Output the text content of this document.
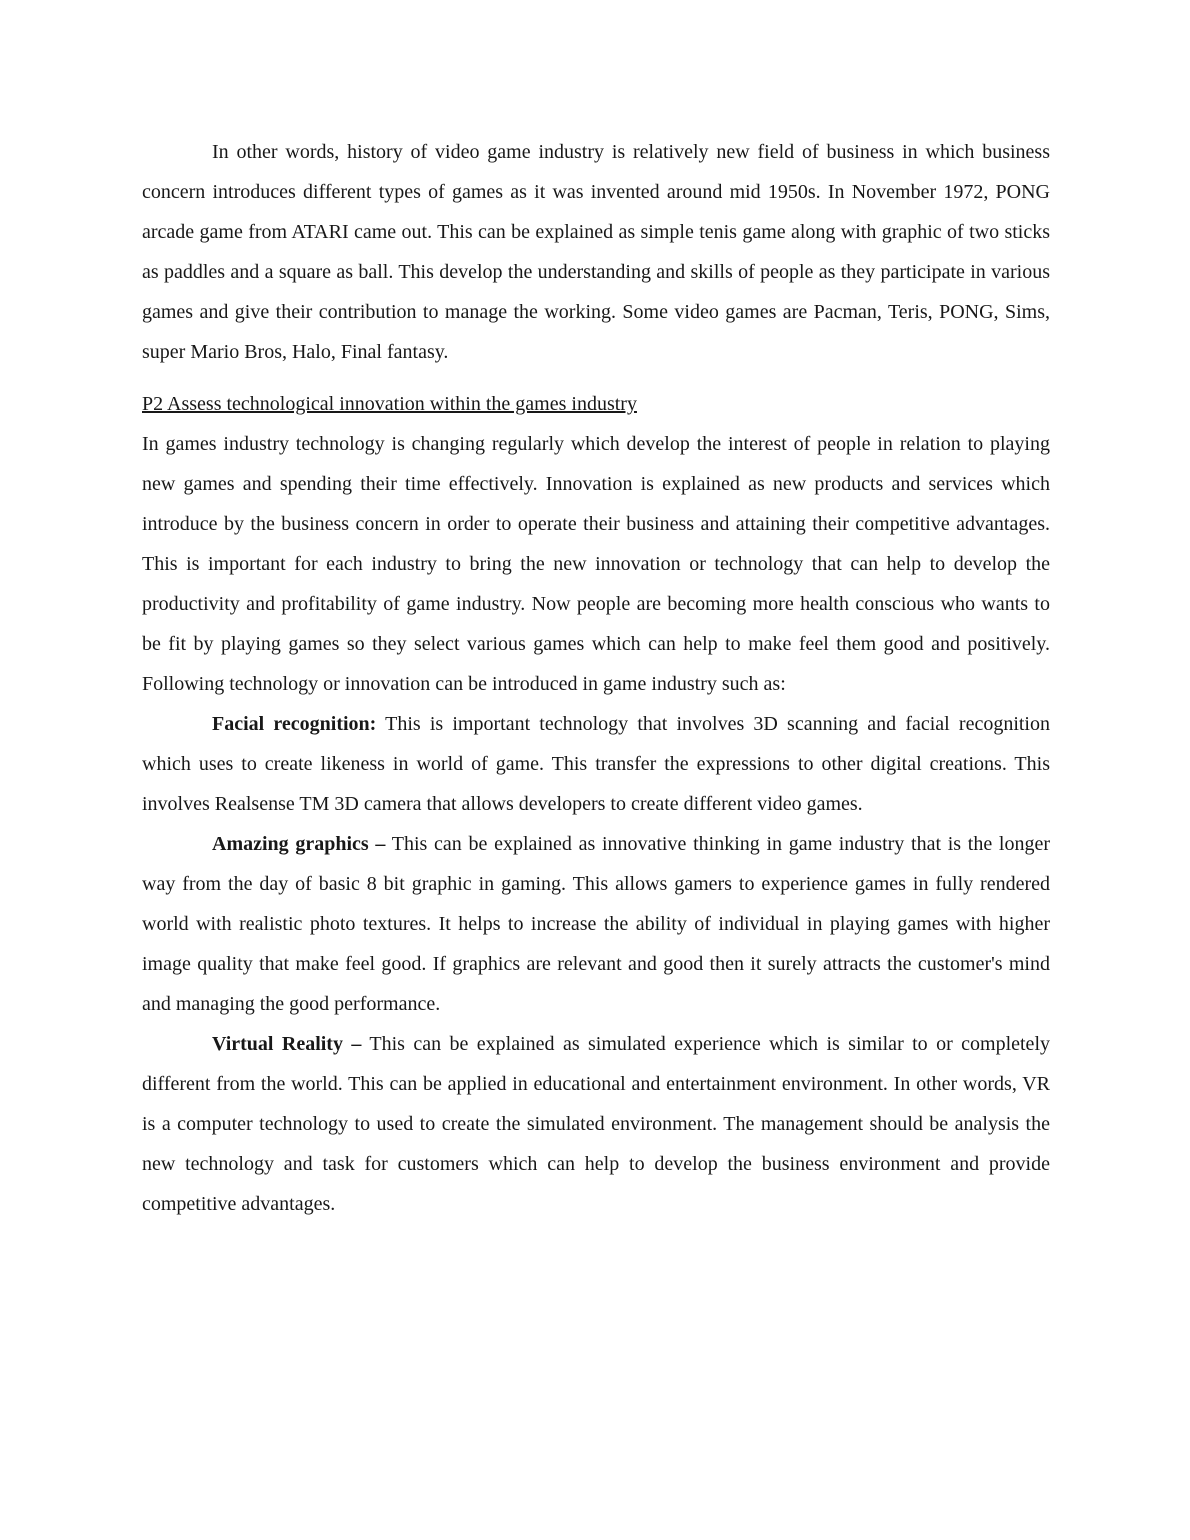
In other words, history of video game industry is relatively new field of business in which business concern introduces different types of games as it was invented around mid 1950s. In November 1972, PONG arcade game from ATARI came out. This can be explained as simple tenis game along with graphic of two sticks as paddles and a square as ball. This develop the understanding and skills of people as they participate in various games and give their contribution to manage the working. Some video games are Pacman, Teris, PONG, Sims, super Mario Bros, Halo, Final fantasy.

P2 Assess technological innovation within the games industry

In games industry technology is changing regularly which develop the interest of people in relation to playing new games and spending their time effectively. Innovation is explained as new products and services which introduce by the business concern in order to operate their business and attaining their competitive advantages. This is important for each industry to bring the new innovation or technology that can help to develop the productivity and profitability of game industry. Now people are becoming more health conscious who wants to be fit by playing games so they select various games which can help to make feel them good and positively. Following technology or innovation can be introduced in game industry such as:

Facial recognition: This is important technology that involves 3D scanning and facial recognition which uses to create likeness in world of game. This transfer the expressions to other digital creations. This involves Realsense TM 3D camera that allows developers to create different video games.

Amazing graphics – This can be explained as innovative thinking in game industry that is the longer way from the day of basic 8 bit graphic in gaming. This allows gamers to experience games in fully rendered world with realistic photo textures. It helps to increase the ability of individual in playing games with higher image quality that make feel good. If graphics are relevant and good then it surely attracts the customer's mind and managing the good performance.

Virtual Reality – This can be explained as simulated experience which is similar to or completely different from the world. This can be applied in educational and entertainment environment. In other words, VR is a computer technology to used to create the simulated environment. The management should be analysis the new technology and task for customers which can help to develop the business environment and provide competitive advantages.
